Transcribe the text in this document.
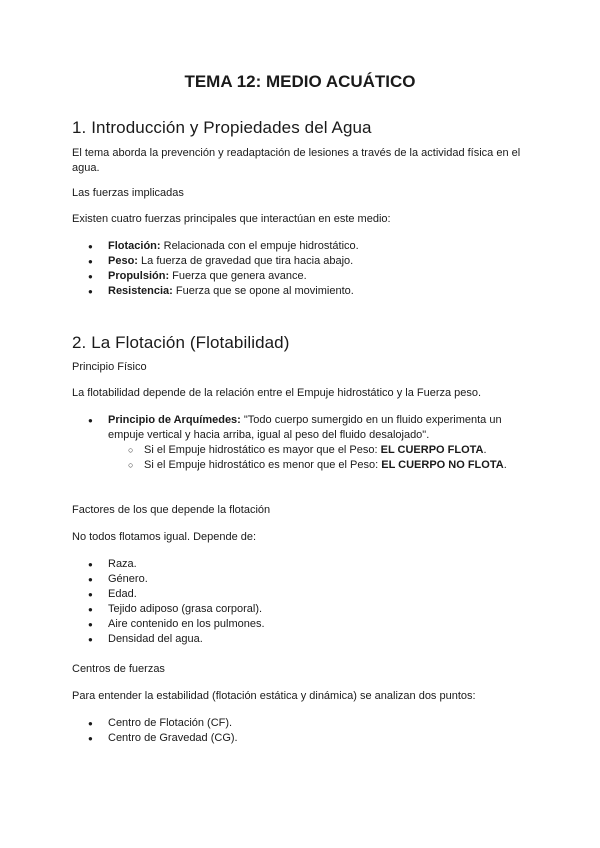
TEMA 12: MEDIO ACUÁTICO
1. Introducción y Propiedades del Agua

El tema aborda la prevención y readaptación de lesiones a través de la actividad física en el agua.

Las fuerzas implicadas

Existen cuatro fuerzas principales que interactúan en este medio:

● Flotación: Relacionada con el empuje hidrostático.
● Peso: La fuerza de gravedad que tira hacia abajo.
● Propulsión: Fuerza que genera avance.
● Resistencia: Fuerza que se opone al movimiento.
2. La Flotación (Flotabilidad)

Principio Físico

La flotabilidad depende de la relación entre el Empuje hidrostático y la Fuerza peso.

● Principio de Arquímedes: "Todo cuerpo sumergido en un fluido experimenta un empuje vertical y hacia arriba, igual al peso del fluido desalojado".
○ Si el Empuje hidrostático es mayor que el Peso: EL CUERPO FLOTA.
○ Si el Empuje hidrostático es menor que el Peso: EL CUERPO NO FLOTA.

Factores de los que depende la flotación

No todos flotamos igual. Depende de:

● Raza.
● Género.
● Edad.
● Tejido adiposo (grasa corporal).
● Aire contenido en los pulmones.
● Densidad del agua.

Centros de fuerzas

Para entender la estabilidad (flotación estática y dinámica) se analizan dos puntos:

● Centro de Flotación (CF).
● Centro de Gravedad (CG).
